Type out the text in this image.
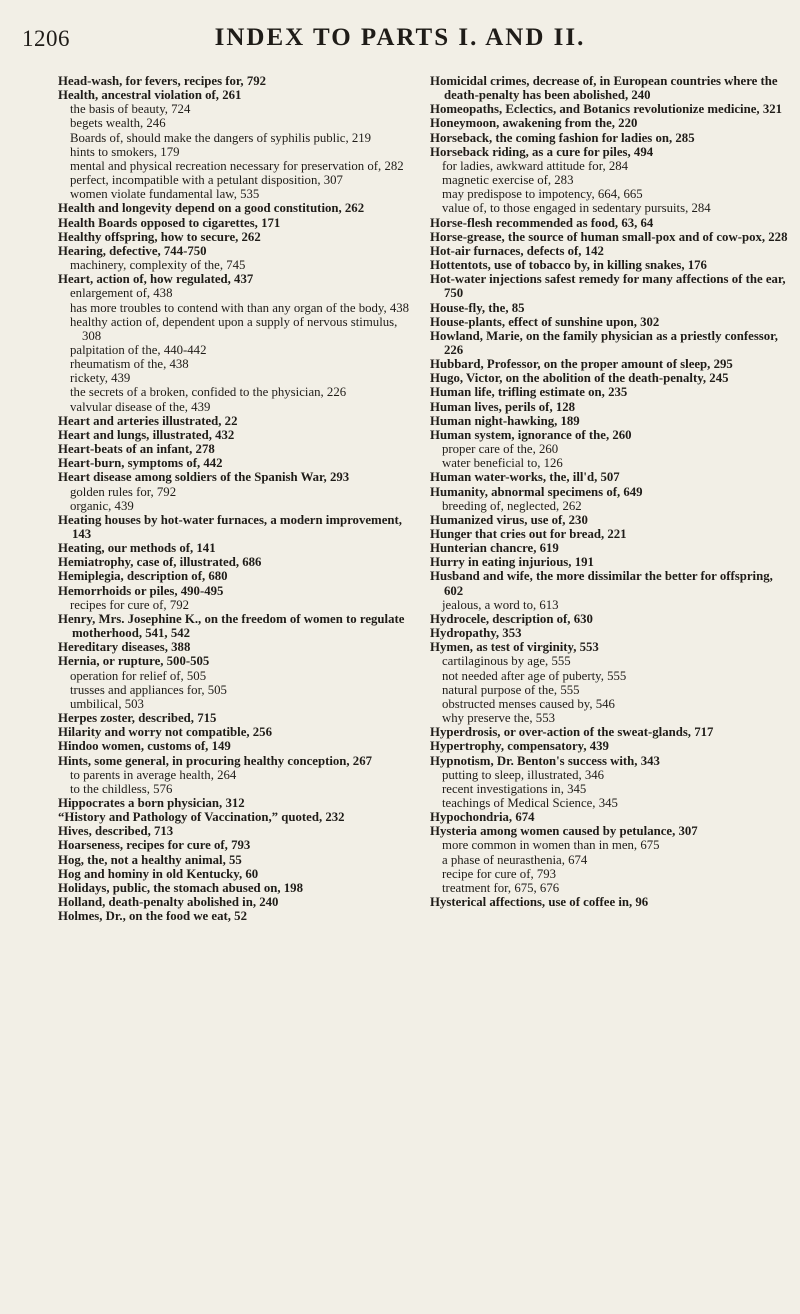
1206	INDEX TO PARTS I. AND II.

Head-wash, for fevers, recipes for, 792

Health, ancestral violation of, 261

the basis of beauty, 724

begets wealth, 246

Boards of, should make the dangers of syphilis public, 219

hints to smokers, 179

mental and physical recreation necessary for preservation of, 282

perfect, incompatible with a petulant disposition, 307

women violate fundamental law, 535

Health and longevity depend on a good constitution, 262

Health Boards opposed to cigarettes, 171

Healthy offspring, how to secure, 262

Hearing, defective, 744-750

machinery, complexity of the, 745

Heart, action of, how regulated, 437

enlargement of, 438

has more troubles to contend with than any organ of the body, 438

healthy action of, dependent upon a supply of nervous stimulus, 308

palpitation of the, 440-442

rheumatism of the, 438

rickety, 439

the secrets of a broken, confided to the physician, 226

valvular disease of the, 439

Heart and arteries illustrated, 22

Heart and lungs, illustrated, 432

Heart-beats of an infant, 278

Heart-burn, symptoms of, 442

Heart disease among soldiers of the Spanish War, 293

golden rules for, 792

organic, 439

Heating houses by hot-water furnaces, a modern improvement, 143

Heating, our methods of, 141

Hemiatrophy, case of, illustrated, 686

Hemiplegia, description of, 680

Hemorrhoids or piles, 490-495

recipes for cure of, 792

Henry, Mrs. Josephine K., on the freedom of women to regulate motherhood, 541, 542

Hereditary diseases, 388

Hernia, or rupture, 500-505

operation for relief of, 505

trusses and appliances for, 505

umbilical, 503

Herpes zoster, described, 715

Hilarity and worry not compatible, 256

Hindoo women, customs of, 149

Hints, some general, in procuring healthy conception, 267

to parents in average health, 264

to the childless, 576

Hippocrates a born physician, 312

“History and Pathology of Vaccination,” quoted, 232

Hives, described, 713

Hoarseness, recipes for cure of, 793

Hog, the, not a healthy animal, 55

Hog and hominy in old Kentucky, 60

Holidays, public, the stomach abused on, 198

Holland, death-penalty abolished in, 240

Holmes, Dr., on the food we eat, 52

Homicidal crimes, decrease of, in European countries where the death-penalty has been abolished, 240

Homeopaths, Eclectics, and Botanics revolutionize medicine, 321

Honeymoon, awakening from the, 220

Horseback, the coming fashion for ladies on, 285

Horseback riding, as a cure for piles, 494

for ladies, awkward attitude for, 284

magnetic exercise of, 283

may predispose to impotency, 664, 665

value of, to those engaged in sedentary pursuits, 284

Horse-flesh recommended as food, 63, 64

Horse-grease, the source of human small-pox and of cow-pox, 228

Hot-air furnaces, defects of, 142

Hottentots, use of tobacco by, in killing snakes, 176

Hot-water injections safest remedy for many affections of the ear, 750

House-fly, the, 85

House-plants, effect of sunshine upon, 302

Howland, Marie, on the family physician as a priestly confessor, 226

Hubbard, Professor, on the proper amount of sleep, 295

Hugo, Victor, on the abolition of the death-penalty, 245

Human life, trifling estimate on, 235

Human lives, perils of, 128

Human night-hawking, 189

Human system, ignorance of the, 260

proper care of the, 260

water beneficial to, 126

Human water-works, the, ill'd, 507

Humanity, abnormal specimens of, 649

breeding of, neglected, 262

Humanized virus, use of, 230

Hunger that cries out for bread, 221

Hunterian chancre, 619

Hurry in eating injurious, 191

Husband and wife, the more dissimilar the better for offspring, 602

jealous, a word to, 613

Hydrocele, description of, 630

Hydropathy, 353

Hymen, as test of virginity, 553

cartilaginous by age, 555

not needed after age of puberty, 555

natural purpose of the, 555

obstructed menses caused by, 546

why preserve the, 553

Hyperdrosis, or over-action of the sweat-glands, 717

Hypertrophy, compensatory, 439

Hypnotism, Dr. Benton's success with, 343

putting to sleep, illustrated, 346

recent investigations in, 345

teachings of Medical Science, 345

Hypochondria, 674

Hysteria among women caused by petulance, 307

more common in women than in men, 675

a phase of neurasthenia, 674

recipe for cure of, 793

treatment for, 675, 676

Hysterical affections, use of coffee in, 96
